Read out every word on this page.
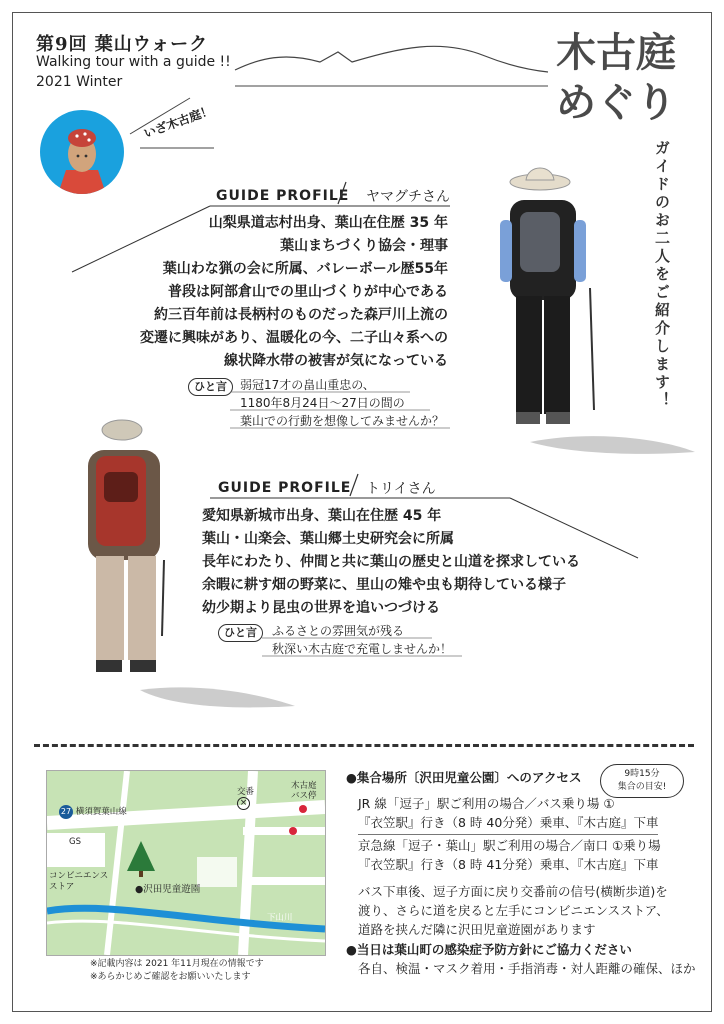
第9回 葉山ウォーク
Walking tour with a guide !!
2021 Winter
木古庭
めぐり
いざ木古庭！
ガイドのお二人をご紹介します！
GUIDE PROFILE ヤマグチさん
山梨県道志村出身、葉山在住歴 35 年
葉山まちづくり協会・理事
葉山わな猟の会に所属、バレーボール歴55年
普段は阿部倉山での里山づくりが中心である
約三百年前は長柄村のものだった森戸川上流の
変遷に興味があり、温暖化の今、二子山々系への
線状降水帯の被害が気になっている
ひと言	弱冠17才の畠山重忠の、
1180年8月24日〜27日の間の
葉山での行動を想像してみませんか？
GUIDE PROFILE トリイさん
愛知県新城市出身、葉山在住歴 45 年
葉山・山楽会、葉山郷土史研究会に所属
長年にわたり、仲間と共に葉山の歴史と山道を探求している
余暇に耕す畑の野菜に、里山の雉や虫も期待している様子
幼少期より昆虫の世界を追いつづける
ひと言	ふるさとの雰囲気が残る
秋深い木古庭で充電しませんか！
27 横須賀葉山線
交番
×
木古庭
バス停
GS
コンビニエンス
ストア	●沢田児童遊園
下山川
※記載内容は 2021 年11月現在の情報です
※あらかじめご確認をお願いいたします
●集合場所〔沢田児童公園〕へのアクセス	9時15分
集合の目安!
JR 線「逗子」駅ご利用の場合／バス乗り場 ①
『衣笠駅』行き（8 時 40分発）乗車、『木古庭』下車
京急線「逗子・葉山」駅ご利用の場合／南口 ①乗り場
『衣笠駅』行き（8 時 41分発）乗車、『木古庭』下車
バス下車後、逗子方面に戻り交番前の信号(横断歩道)を
渡り、さらに道を戻ると左手にコンビニエンスストア、
道路を挟んだ隣に沢田児童遊園があります
●当日は葉山町の感染症予防方針にご協力ください
各自、検温・マスク着用・手指消毒・対人距離の確保、ほか
